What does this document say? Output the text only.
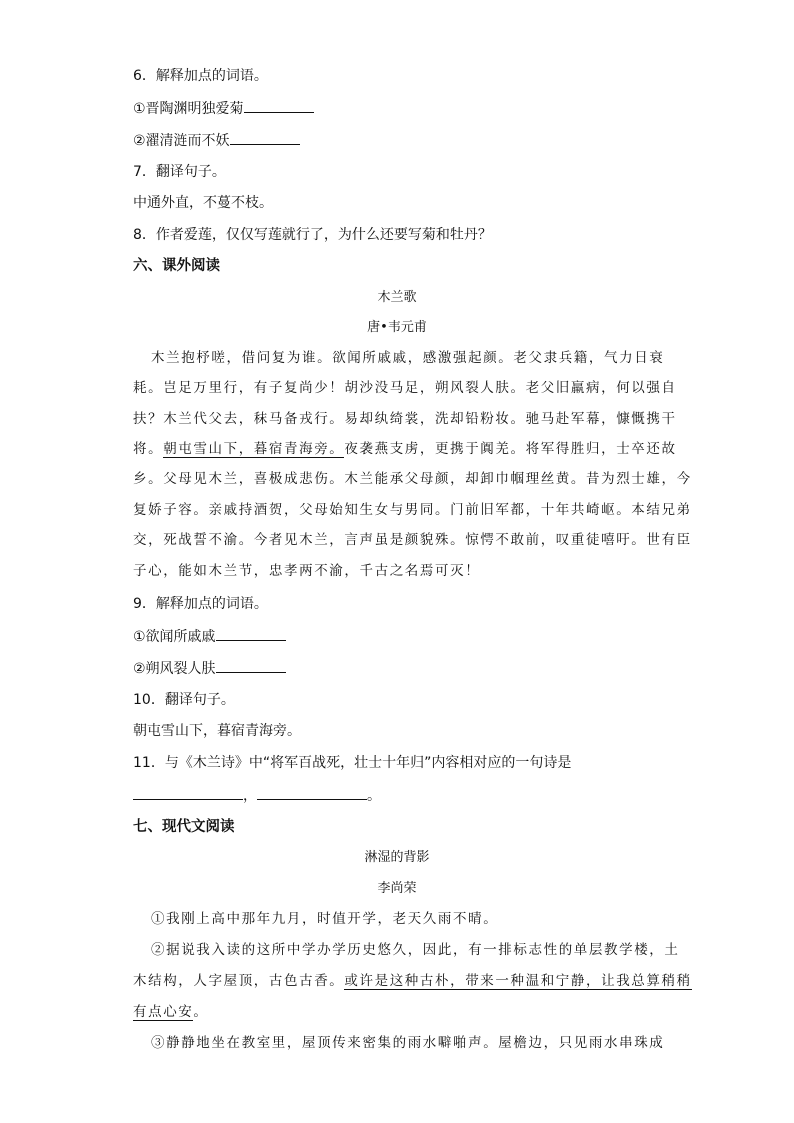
6．解释加点的词语。
①晋陶渊明独爱菊
②濯清涟而不妖
7．翻译句子。
中通外直，不蔓不枝。
8．作者爱莲，仅仅写莲就行了，为什么还要写菊和牡丹？
六、课外阅读
木兰歌
唐•韦元甫
木兰抱杼嗟，借问复为谁。欲闻所戚戚，感激强起颜。老父隶兵籍，气力日衰
耗。岂足万里行，有子复尚少！胡沙没马足，朔风裂人肤。老父旧羸病，何以强自
扶？木兰代父去，秣马备戎行。易却纨绮裳，洗却铅粉妆。驰马赴军幕，慷慨携干
将。朝屯雪山下，暮宿青海旁。夜袭燕支虏，更携于阗羌。将军得胜归，士卒还故
乡。父母见木兰，喜极成悲伤。木兰能承父母颜，却卸巾帼理丝黄。昔为烈士雄，今
复娇子容。亲戚持酒贺，父母始知生女与男同。门前旧军都，十年共崎岖。本结兄弟
交，死战誓不渝。今者见木兰，言声虽是颜貌殊。惊愕不敢前，叹重徒嘻吁。世有臣
子心，能如木兰节，忠孝两不渝，千古之名焉可灭！
9．解释加点的词语。
①欲闻所戚戚
②朔风裂人肤
10．翻译句子。
朝屯雪山下，暮宿青海旁。
11．与《木兰诗》中“将军百战死，壮士十年归”内容相对应的一句诗是
，	。
七、现代文阅读
淋湿的背影
李尚荣
①我刚上高中那年九月，时值开学，老天久雨不晴。
②据说我入读的这所中学办学历史悠久，因此，有一排标志性的单层教学楼，土
木结构，人字屋顶，古色古香。或许是这种古朴，带来一种温和宁静，让我总算稍稍
有点心安。
③静静地坐在教室里，屋顶传来密集的雨水噼啪声。屋檐边，只见雨水串珠成
